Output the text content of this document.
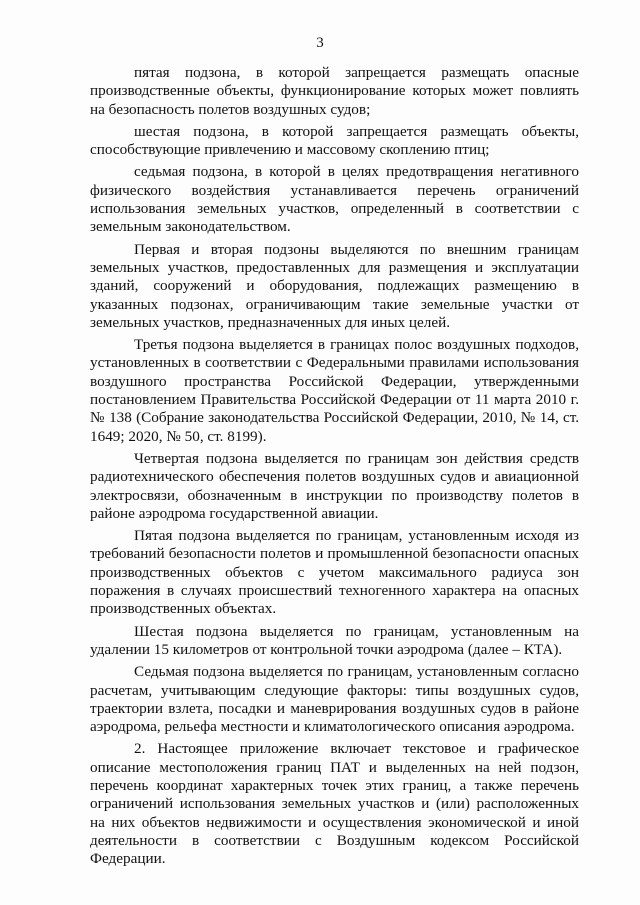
3

пятая подзона, в которой запрещается размещать опасные производственные объекты, функционирование которых может повлиять на безопасность полетов воздушных судов;

шестая подзона, в которой запрещается размещать объекты, способствующие привлечению и массовому скоплению птиц;

седьмая подзона, в которой в целях предотвращения негативного физического воздействия устанавливается перечень ограничений использования земельных участков, определенный в соответствии с земельным законодательством.

Первая и вторая подзоны выделяются по внешним границам земельных участков, предоставленных для размещения и эксплуатации зданий, сооружений и оборудования, подлежащих размещению в указанных подзонах, ограничивающим такие земельные участки от земельных участков, предназначенных для иных целей.

Третья подзона выделяется в границах полос воздушных подходов, установленных в соответствии с Федеральными правилами использования воздушного пространства Российской Федерации, утвержденными постановлением Правительства Российской Федерации от 11 марта 2010 г. № 138 (Собрание законодательства Российской Федерации, 2010, № 14, ст. 1649; 2020, № 50, ст. 8199).

Четвертая подзона выделяется по границам зон действия средств радиотехнического обеспечения полетов воздушных судов и авиационной электросвязи, обозначенным в инструкции по производству полетов в районе аэродрома государственной авиации.

Пятая подзона выделяется по границам, установленным исходя из требований безопасности полетов и промышленной безопасности опасных производственных объектов с учетом максимального радиуса зон поражения в случаях происшествий техногенного характера на опасных производственных объектах.

Шестая подзона выделяется по границам, установленным на удалении 15 километров от контрольной точки аэродрома (далее – КТА).

Седьмая подзона выделяется по границам, установленным согласно расчетам, учитывающим следующие факторы: типы воздушных судов, траектории взлета, посадки и маневрирования воздушных судов в районе аэродрома, рельефа местности и климатологического описания аэродрома.

2. Настоящее приложение включает текстовое и графическое описание местоположения границ ПАТ и выделенных на ней подзон, перечень координат характерных точек этих границ, а также перечень ограничений использования земельных участков и (или) расположенных на них объектов недвижимости и осуществления экономической и иной деятельности в соответствии с Воздушным кодексом Российской Федерации.
